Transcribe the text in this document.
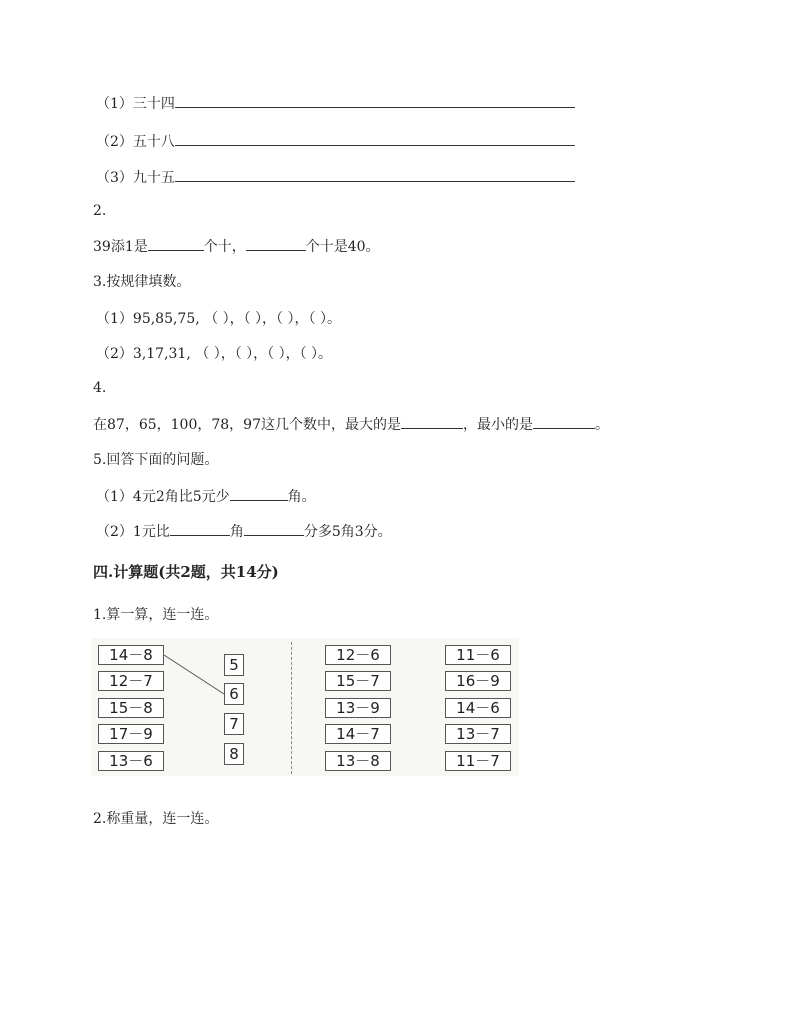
（1）三十四
（2）五十八
（3）九十五
2.
39添1是	个十，	个十是40。
3.按规律填数。
（1）95,85,75, （ ），（ ），（ ），（ ）。
（2）3,17,31, （ ），（ ），（ ），（ ）。
4.
在87，65，100，78，97这几个数中，最大的是	，最小的是	。
5.回答下面的问题。
（1）4元2角比5元少	角。
（2）1元比	角	分多5角3分。
四.计算题(共2题，共14分)
1.算一算，连一连。
14－8
12－7
15－8
17－9
13－6
5
6
7
8
12－6
15－7
13－9
14－7
13－8
11－6
16－9
14－6
13－7
11－7
2.称重量，连一连。
